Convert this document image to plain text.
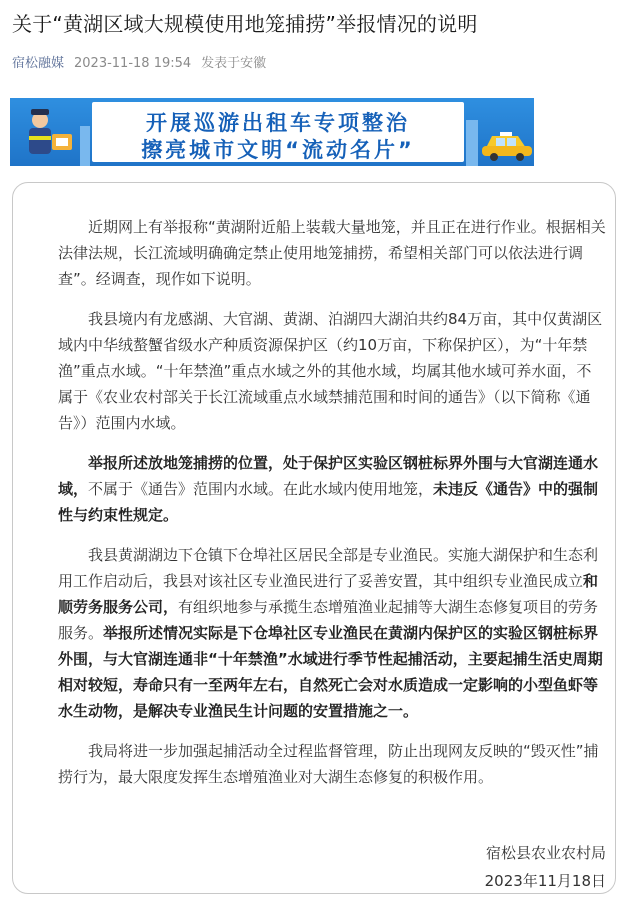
关于“黄湖区域大规模使用地笼捕捞”举报情况的说明
宿松融媒 2023-11-18 19:54 发表于安徽
开展巡游出租车专项整治
擦亮城市文明“流动名片”

近期网上有举报称“黄湖附近船上装载大量地笼，并且正在进行作业。根据相关法律法规，长江流域明确确定禁止使用地笼捕捞，希望相关部门可以依法进行调查”。经调查，现作如下说明。

我县境内有龙感湖、大官湖、黄湖、泊湖四大湖泊共约84万亩，其中仅黄湖区域内中华绒螯蟹省级水产种质资源保护区（约10万亩，下称保护区），为“十年禁渔”重点水域。“十年禁渔”重点水域之外的其他水域，均属其他水域可养水面，不属于《农业农村部关于长江流域重点水域禁捕范围和时间的通告》（以下简称《通告》）范围内水域。

举报所述放地笼捕捞的位置，处于保护区实验区钢桩标界外围与大官湖连通水域，不属于《通告》范围内水域。在此水域内使用地笼，未违反《通告》中的强制性与约束性规定。

我县黄湖湖边下仓镇下仓埠社区居民全部是专业渔民。实施大湖保护和生态利用工作启动后，我县对该社区专业渔民进行了妥善安置，其中组织专业渔民成立和顺劳务服务公司，有组织地参与承揽生态增殖渔业起捕等大湖生态修复项目的劳务服务。举报所述情况实际是下仓埠社区专业渔民在黄湖内保护区的实验区钢桩标界外围，与大官湖连通非“十年禁渔”水域进行季节性起捕活动，主要起捕生活史周期相对较短，寿命只有一至两年左右，自然死亡会对水质造成一定影响的小型鱼虾等水生动物，是解决专业渔民生计问题的安置措施之一。

我局将进一步加强起捕活动全过程监督管理，防止出现网友反映的“毁灭性”捕捞行为，最大限度发挥生态增殖渔业对大湖生态修复的积极作用。

宿松县农业农村局
2023年11月18日
